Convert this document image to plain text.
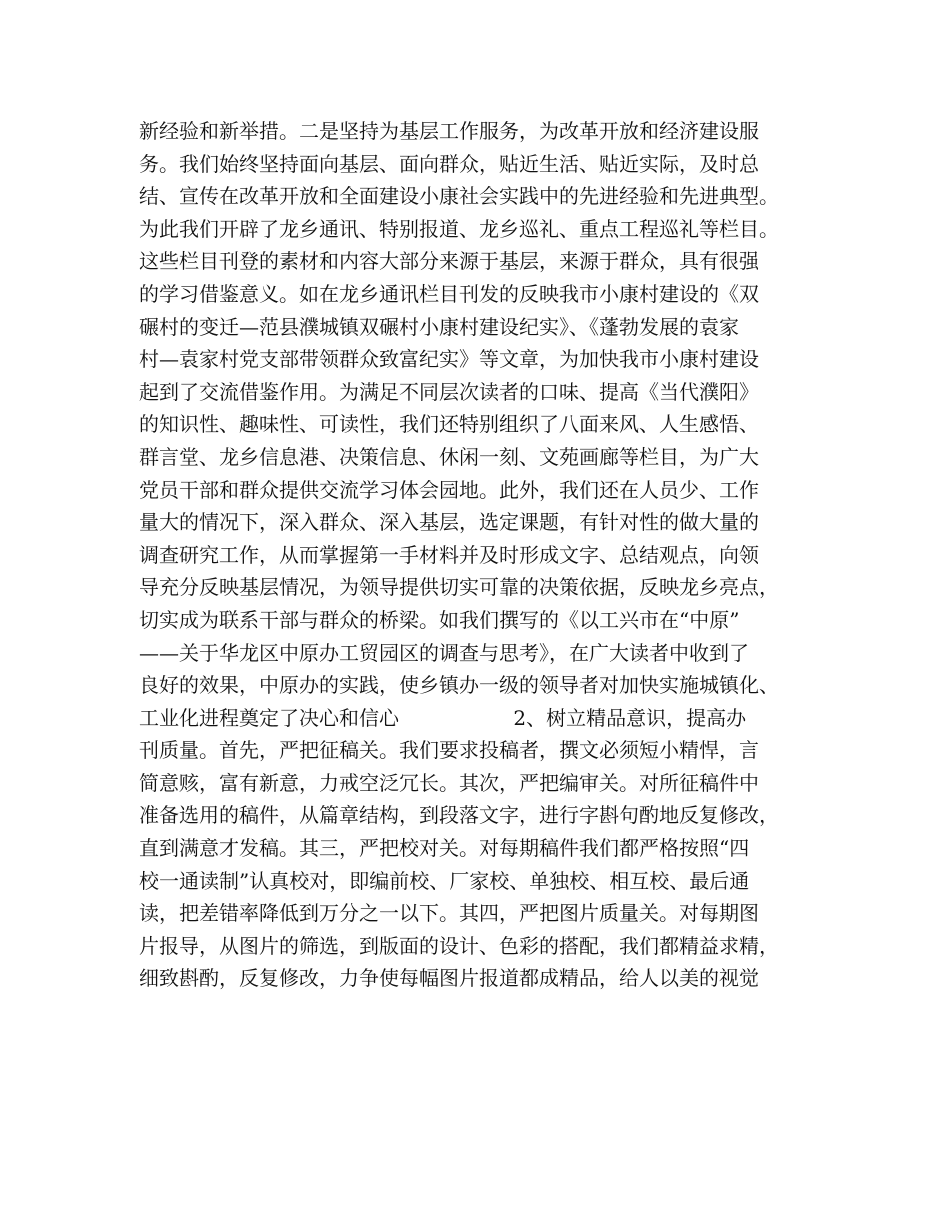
新经验和新举措。二是坚持为基层工作服务，为改革开放和经济建设服
务。我们始终坚持面向基层、面向群众，贴近生活、贴近实际，及时总
结、宣传在改革开放和全面建设小康社会实践中的先进经验和先进典型。
为此我们开辟了龙乡通讯、特别报道、龙乡巡礼、重点工程巡礼等栏目。
这些栏目刊登的素材和内容大部分来源于基层，来源于群众，具有很强
的学习借鉴意义。如在龙乡通讯栏目刊发的反映我市小康村建设的《双
碾村的变迁—范县濮城镇双碾村小康村建设纪实》、《蓬勃发展的袁家
村—袁家村党支部带领群众致富纪实》等文章，为加快我市小康村建设
起到了交流借鉴作用。为满足不同层次读者的口味、提高《当代濮阳》
的知识性、趣味性、可读性，我们还特别组织了八面来风、人生感悟、
群言堂、龙乡信息港、决策信息、休闲一刻、文苑画廊等栏目，为广大
党员干部和群众提供交流学习体会园地。此外，我们还在人员少、工作
量大的情况下，深入群众、深入基层，选定课题，有针对性的做大量的
调查研究工作，从而掌握第一手材料并及时形成文字、总结观点，向领
导充分反映基层情况，为领导提供切实可靠的决策依据，反映龙乡亮点，
切实成为联系干部与群众的桥梁。如我们撰写的《以工兴市在“中原”
——关于华龙区中原办工贸园区的调查与思考》，在广大读者中收到了
良好的效果，中原办的实践，使乡镇办一级的领导者对加快实施城镇化、
工业化进程奠定了决心和信心                  2、树立精品意识，提高办
刊质量。首先，严把征稿关。我们要求投稿者，撰文必须短小精悍，言
简意赅，富有新意，力戒空泛冗长。其次，严把编审关。对所征稿件中
准备选用的稿件，从篇章结构，到段落文字，进行字斟句酌地反复修改，
直到满意才发稿。其三，严把校对关。对每期稿件我们都严格按照“四
校一通读制”认真校对，即编前校、厂家校、单独校、相互校、最后通
读，把差错率降低到万分之一以下。其四，严把图片质量关。对每期图
片报导，从图片的筛选，到版面的设计、色彩的搭配，我们都精益求精，
细致斟酌，反复修改，力争使每幅图片报道都成精品，给人以美的视觉
